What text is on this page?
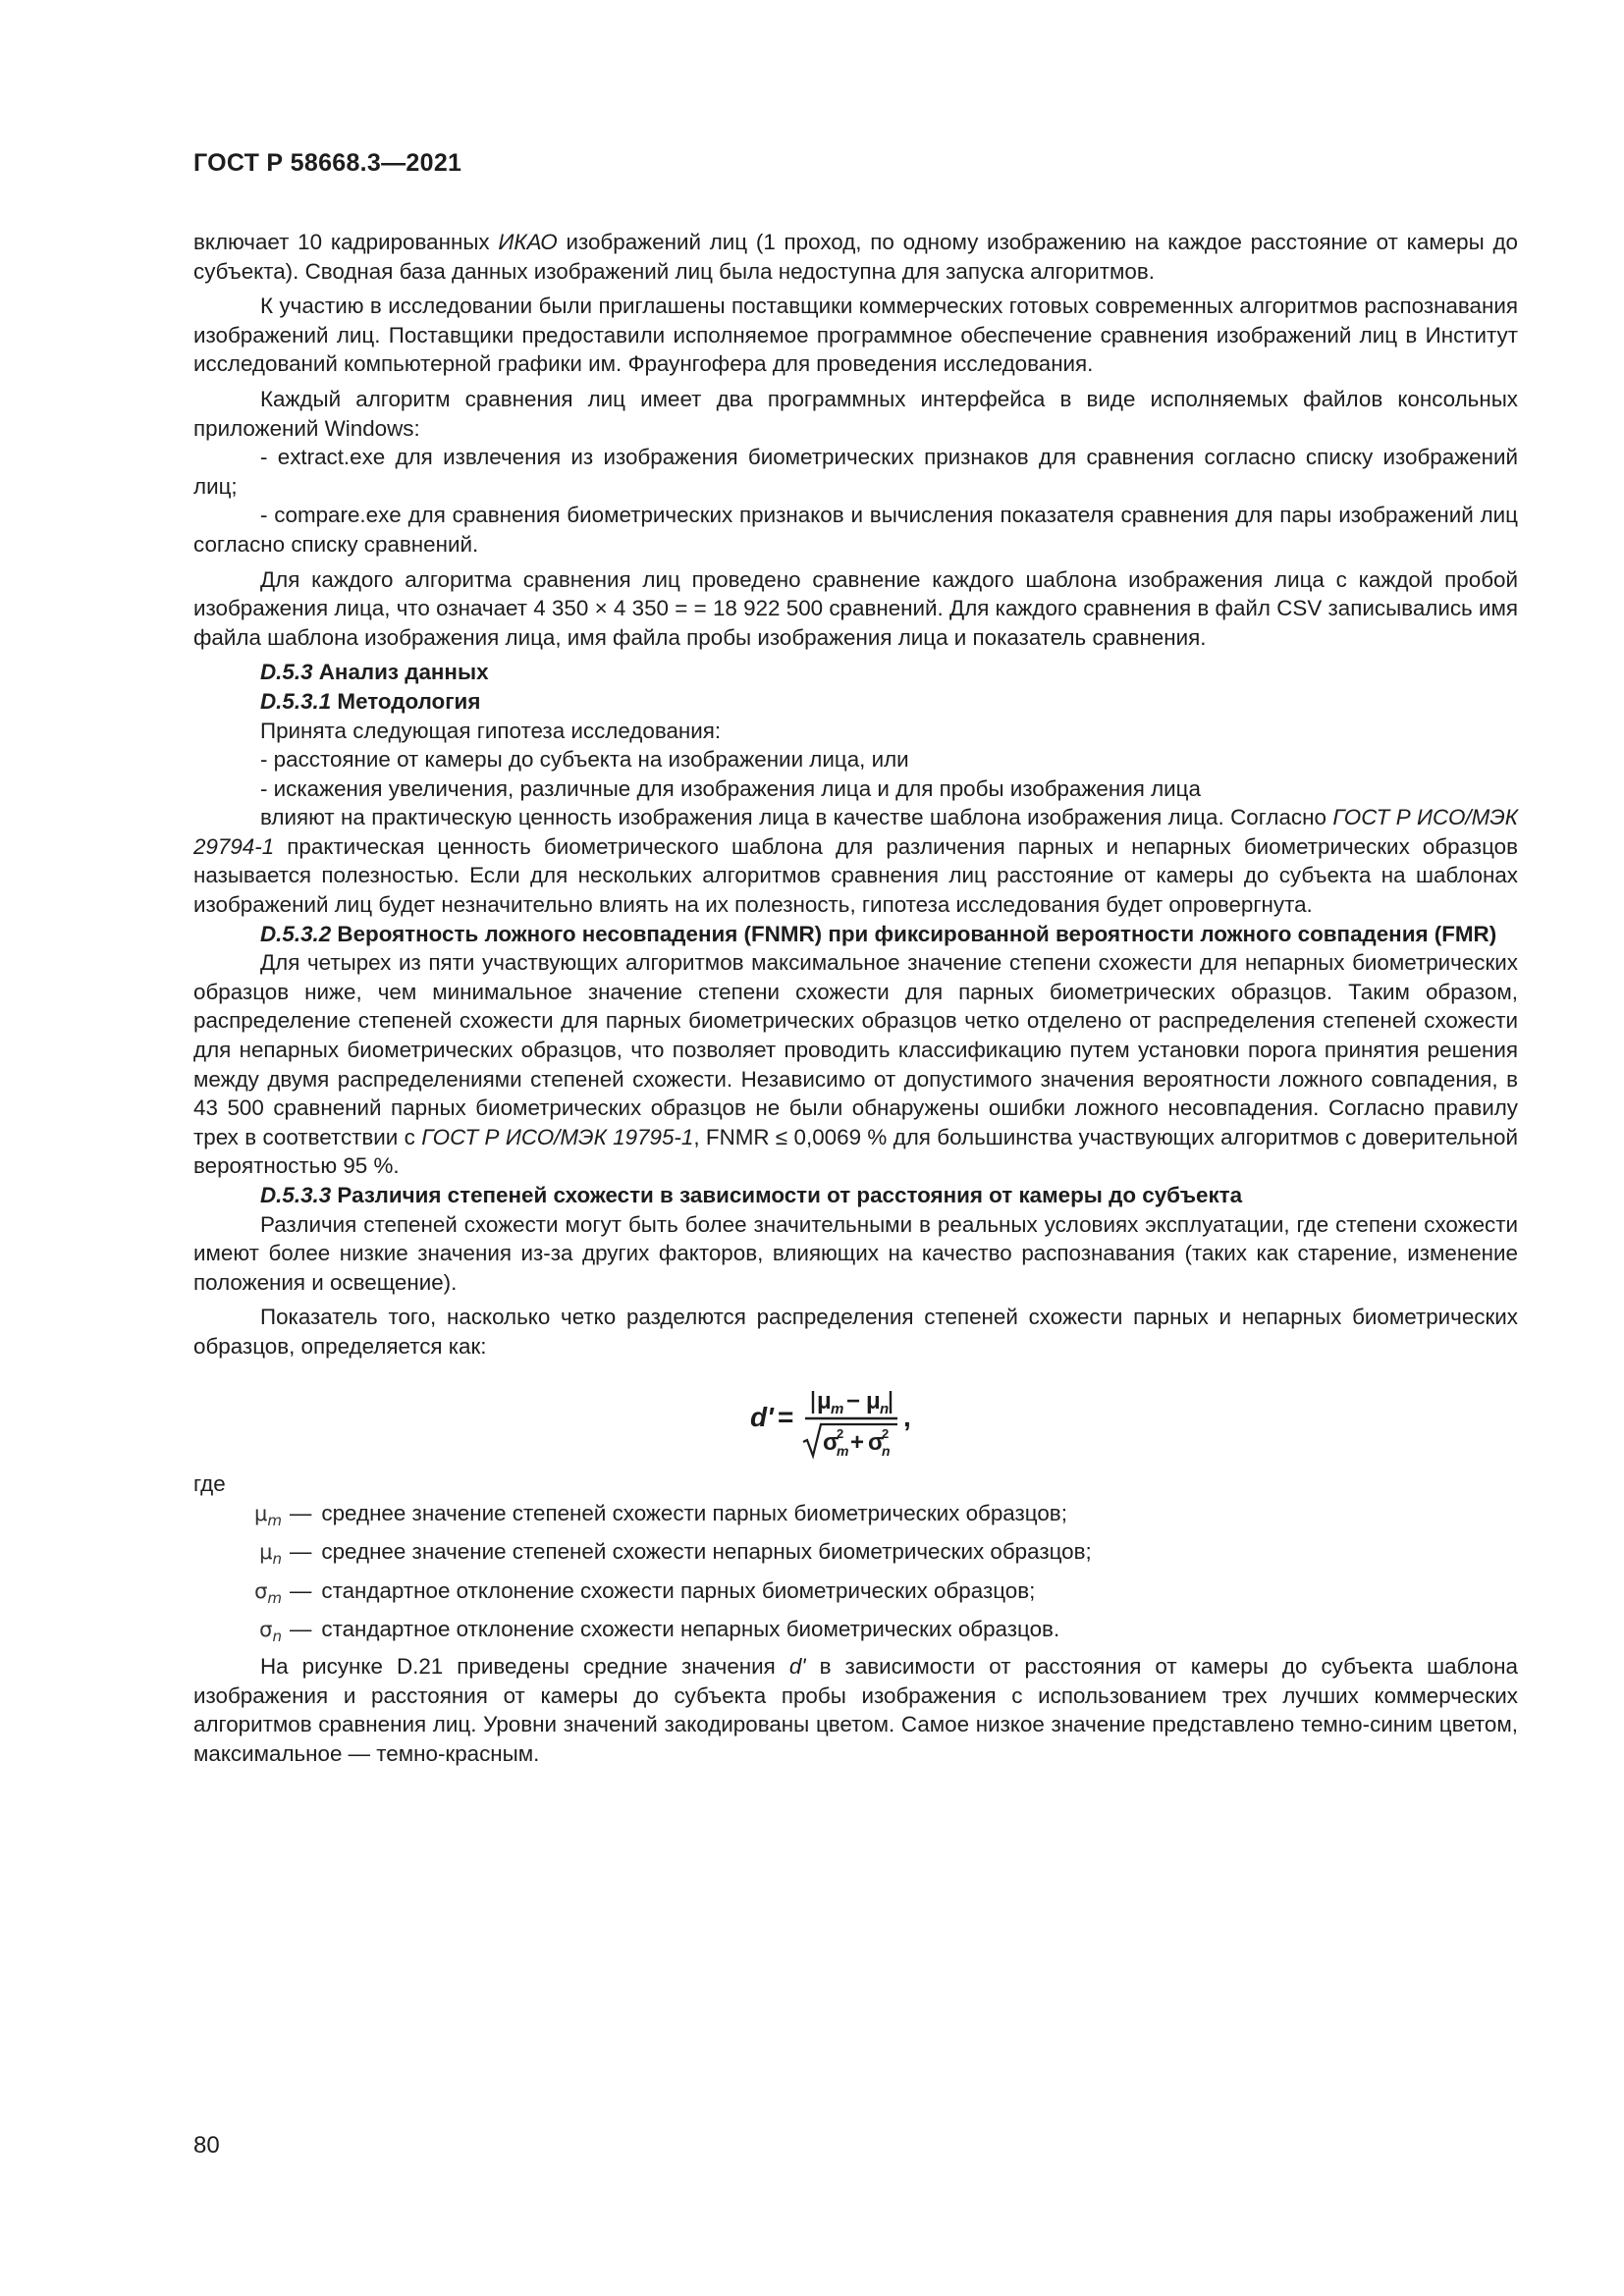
ГОСТ Р 58668.3—2021

включает 10 кадрированных ИКАО изображений лиц (1 проход, по одному изображению на каждое расстояние от камеры до субъекта). Сводная база данных изображений лиц была недоступна для запуска алгоритмов.

К участию в исследовании были приглашены поставщики коммерческих готовых современных алгоритмов распознавания изображений лиц. Поставщики предоставили исполняемое программное обеспечение сравнения изображений лиц в Институт исследований компьютерной графики им. Фраунгофера для проведения исследования.

Каждый алгоритм сравнения лиц имеет два программных интерфейса в виде исполняемых файлов консольных приложений Windows:

- extract.exe для извлечения из изображения биометрических признаков для сравнения согласно списку изображений лиц;

- compare.exe для сравнения биометрических признаков и вычисления показателя сравнения для пары изображений лиц согласно списку сравнений.

Для каждого алгоритма сравнения лиц проведено сравнение каждого шаблона изображения лица с каждой пробой изображения лица, что означает 4 350 × 4 350 = = 18 922 500 сравнений. Для каждого сравнения в файл CSV записывались имя файла шаблона изображения лица, имя файла пробы изображения лица и показатель сравнения.

D.5.3 Анализ данных

D.5.3.1 Методология

Принята следующая гипотеза исследования:

- расстояние от камеры до субъекта на изображении лица, или

- искажения увеличения, различные для изображения лица и для пробы изображения лица

влияют на практическую ценность изображения лица в качестве шаблона изображения лица. Согласно ГОСТ Р ИСО/МЭК 29794-1 практическая ценность биометрического шаблона для различения парных и непарных биометрических образцов называется полезностью. Если для нескольких алгоритмов сравнения лиц расстояние от камеры до субъекта на шаблонах изображений лиц будет незначительно влиять на их полезность, гипотеза исследования будет опровергнута.

D.5.3.2 Вероятность ложного несовпадения (FNMR) при фиксированной вероятности ложного совпадения (FMR)

Для четырех из пяти участвующих алгоритмов максимальное значение степени схожести для непарных биометрических образцов ниже, чем минимальное значение степени схожести для парных биометрических образцов. Таким образом, распределение степеней схожести для парных биометрических образцов четко отделено от распределения степеней схожести для непарных биометрических образцов, что позволяет проводить классификацию путем установки порога принятия решения между двумя распределениями степеней схожести. Независимо от допустимого значения вероятности ложного совпадения, в 43 500 сравнений парных биометрических образцов не были обнаружены ошибки ложного несовпадения. Согласно правилу трех в соответствии с ГОСТ Р ИСО/МЭК 19795-1, FNMR ≤ 0,0069 % для большинства участвующих алгоритмов с доверительной вероятностью 95 %.

D.5.3.3 Различия степеней схожести в зависимости от расстояния от камеры до субъекта

Различия степеней схожести могут быть более значительными в реальных условиях эксплуатации, где степени схожести имеют более низкие значения из-за других факторов, влияющих на качество распознавания (таких как старение, изменение положения и освещение).

Показатель того, насколько четко разделются распределения степеней схожести парных и непарных биометрических образцов, определяется как:

d' =
μ m − μ n
σ
2
m + σ
2
n
,

где

$\mu_m$ — среднее значение степеней схожести парных биометрических образцов;
$\mu_n$ — среднее значение степеней схожести непарных биометрических образцов;
$\sigma_m$ — стандартное отклонение схожести парных биометрических образцов;
$\sigma_n$ — стандартное отклонение схожести непарных биометрических образцов.

На рисунке D.21 приведены средние значения d' в зависимости от расстояния от камеры до субъекта шаблона изображения и расстояния от камеры до субъекта пробы изображения с использованием трех лучших коммерческих алгоритмов сравнения лиц. Уровни значений закодированы цветом. Самое низкое значение представлено темно-синим цветом, максимальное — темно-красным.

80
